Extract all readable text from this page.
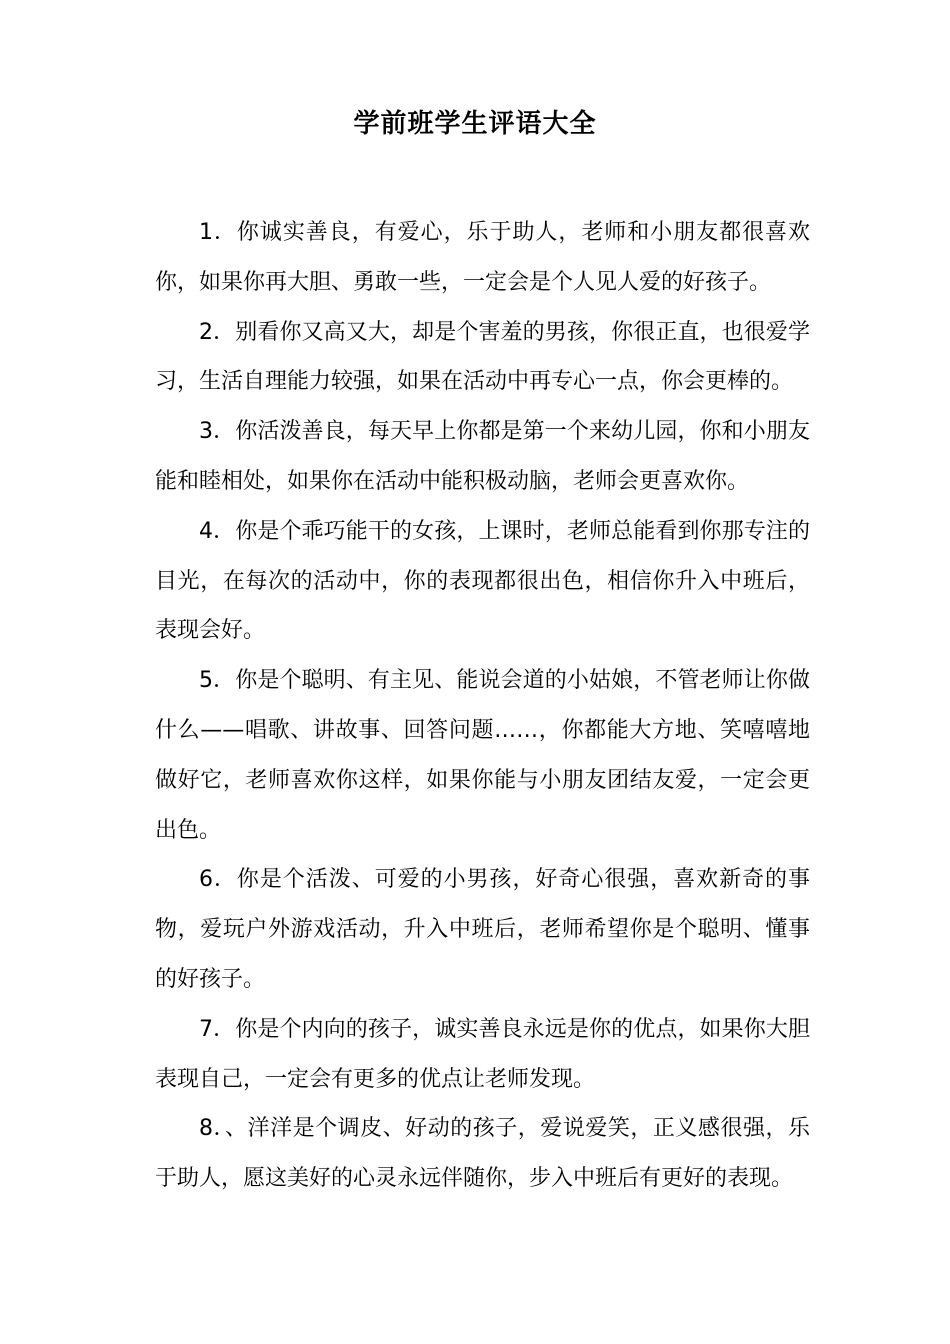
学前班学生评语大全

1．你诚实善良，有爱心，乐于助人，老师和小朋友都很喜欢你，如果你再大胆、勇敢一些，一定会是个人见人爱的好孩子。

2．别看你又高又大，却是个害羞的男孩，你很正直，也很爱学习，生活自理能力较强，如果在活动中再专心一点，你会更棒的。

3．你活泼善良，每天早上你都是第一个来幼儿园，你和小朋友能和睦相处，如果你在活动中能积极动脑，老师会更喜欢你。

4．你是个乖巧能干的女孩，上课时，老师总能看到你那专注的目光，在每次的活动中，你的表现都很出色，相信你升入中班后，表现会好。

5．你是个聪明、有主见、能说会道的小姑娘，不管老师让你做什么——唱歌、讲故事、回答问题……，你都能大方地、笑嘻嘻地做好它，老师喜欢你这样，如果你能与小朋友团结友爱，一定会更出色。

6．你是个活泼、可爱的小男孩，好奇心很强，喜欢新奇的事物，爱玩户外游戏活动，升入中班后，老师希望你是个聪明、懂事的好孩子。

7．你是个内向的孩子，诚实善良永远是你的优点，如果你大胆表现自己，一定会有更多的优点让老师发现。

8．、洋洋是个调皮、好动的孩子，爱说爱笑，正义感很强，乐于助人，愿这美好的心灵永远伴随你，步入中班后有更好的表现。
